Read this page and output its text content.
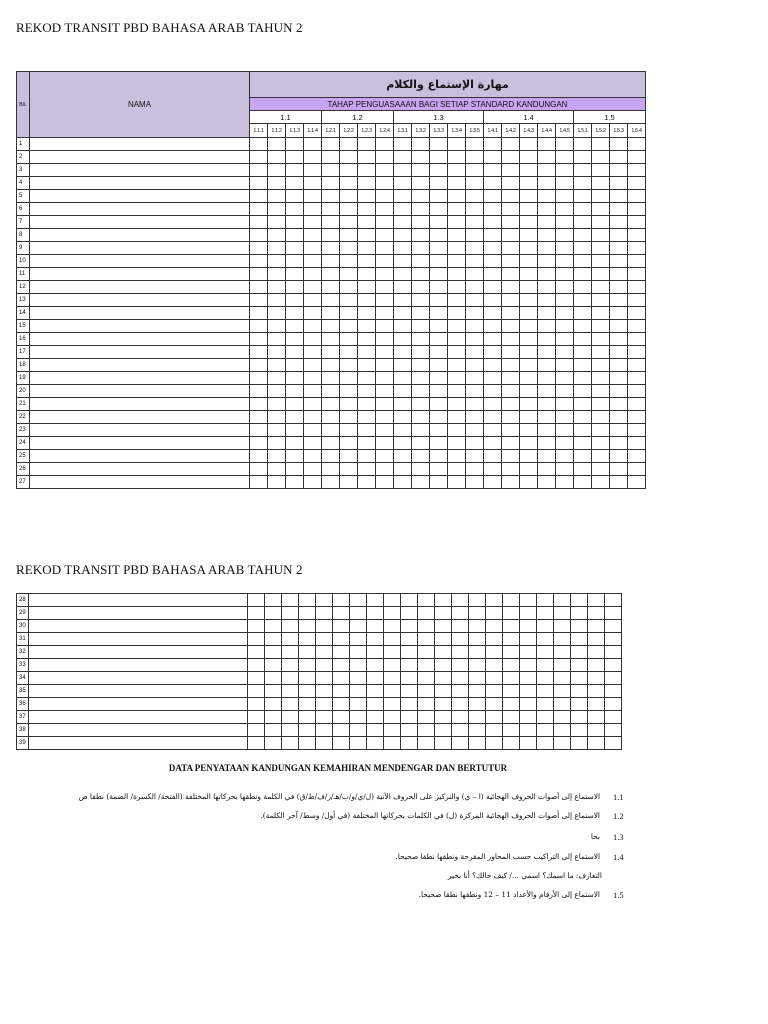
REKOD TRANSIT PBD BAHASA ARAB TAHUN 2
BIL	NAMA	مهارة الإستماع والكلام																					
		TAHAP PENGUASAAAN BAGI SETIAP STANDARD KANDUNGAN																					
		1.1				1.2				1.3					1.4					1.5			
		1.1.1	1.1.2	1.1.3	1.1.4	1.2.1	1.2.2	1.2.3	1.2.4	1.3.1	1.3.2	1.3.3	1.3.4	1.3.5	1.4.1	1.4.2	1.4.3	1.4.4	1.4.5	1.5.1	1.5.2	1.5.3	1.5.4
1																							
2																							
3																							
4																							
5																							
6																							
7																							
8																							
9																							
10																							
11																							
12																							
13																							
14																							
15																							
16																							
17																							
18																							
19																							
20																							
21																							
22																							
23																							
24																							
25																							
26																							
27																							
REKOD TRANSIT PBD BAHASA ARAB TAHUN 2
28																							
29																							
30																							
31																							
32																							
33																							
34																							
35																							
36																							
37																							
38																							
39																							
DATA PENYATAAN KANDUNGAN KEMAHIRAN MENDENGAR DAN BERTUTUR
1.1
الاستماع إلى أصوات الحروف الهجائية (ا – ي) والتركيز على الحروف الآتية (ل/ي/و/ب/هـ/ر/ف/ط/ق) في الكلمة ونطقها بحركاتها المختلفة (الفتحة/ الكسرة/ الضمة) نطقا ص
1.2
الاستماع إلى أصوات الحروف الهجائية المركزة (ل) في الكلمات بحركاتها المختلفة (في أول/ وسط/ آخر الكلمة).
1.3
بحا
1.4
الاستماع إلى التراكيب حسب المحاور المقرحة ونطقها نطقا صحيحا.
التعارف: ما اسمك؟ اسمي .../ كيف حالك؟ أنا بخير
1.5
الاستماع إلى الأرقام والأعداد 11 – 12 ونطقها نطقا صحيحا.
